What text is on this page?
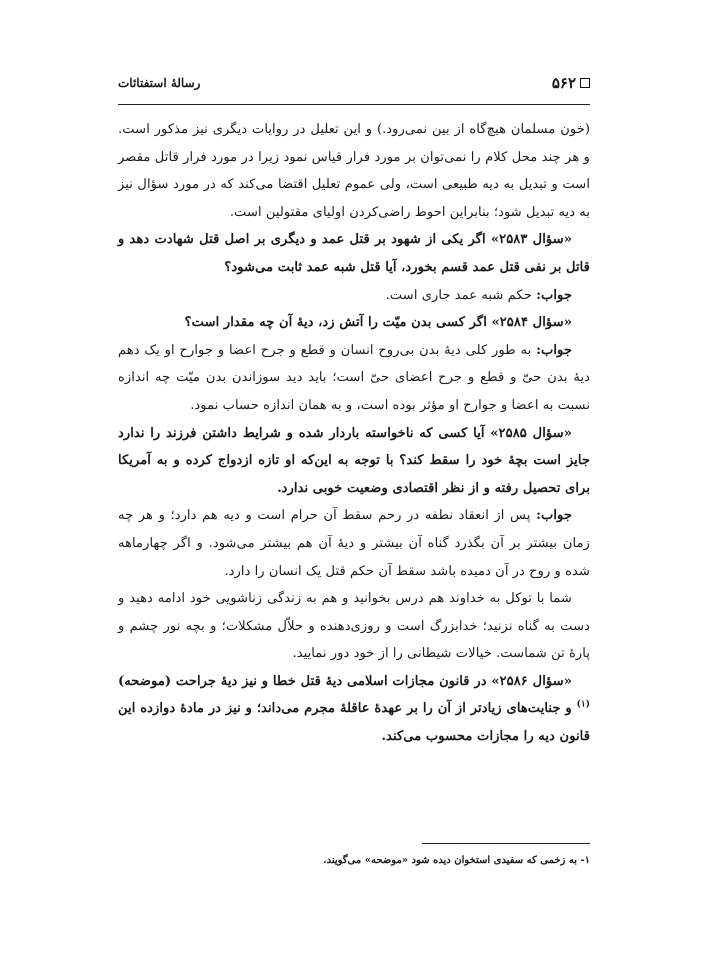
۵۶۲
رسالهٔ استفتائات

(خون مسلمان هیچ‌گاه از بین نمی‌رود.) و این تعلیل در روایات دیگری نیز مذکور است. و هر چند محل کلام را نمی‌توان بر مورد فرار قیاس نمود زیرا در مورد فرار قاتل مقصر است و تبدیل به دیه طبیعی است، ولی عموم تعلیل اقتضا می‌کند که در مورد سؤال نیز به دیه تبدیل شود؛ بنابراین احوط راضی‌کردن اولیای مقتولین است.

«سؤال ۲۵۸۳» اگر یکی از شهود بر قتل عمد و دیگری بر اصل قتل شهادت دهد و قاتل بر نفی قتل عمد قسم بخورد، آیا قتل شبه عمد ثابت می‌شود؟

جواب: حکم شبه عمد جاری است.

«سؤال ۲۵۸۴» اگر کسی بدن میّت را آتش زد، دیهٔ آن چه مقدار است؟

جواب: به طور کلی دیهٔ بدن بی‌روح انسان و قطع و جرح اعضا و جوارح او یک دهم دیهٔ بدن حیّ و قطع و جرح اعضای حیّ است؛ باید دید سوزاندن بدن میّت چه اندازه نسبت به اعضا و جوارح او مؤثر بوده است، و به همان اندازه حساب نمود.

«سؤال ۲۵۸۵» آیا کسی که ناخواسته باردار شده و شرایط داشتن فرزند را ندارد جایز است بچهٔ خود را سقط کند؟ با توجه به این‌که او تازه ازدواج کرده و به آمریکا برای تحصیل رفته و از نظر اقتصادی وضعیت خوبی ندارد.

جواب: پس از انعقاد نطفه در رحم سقط آن حرام است و دیه هم دارد؛ و هر چه زمان بیشتر بر آن بگذرد گناه آن بیشتر و دیهٔ آن هم بیشتر می‌شود. و اگر چهارماهه شده و روح در آن دمیده باشد سقط آن حکم قتل یک انسان را دارد.

شما با توکل به خداوند هم درس بخوانید و هم به زندگی زناشویی خود ادامه دهید و دست به گناه نزنید؛ خدابزرگ است و روزی‌دهنده و حلاّل مشکلات؛ و بچه نور چشم و پارهٔ تن شماست. خیالات شیطانی را از خود دور نمایید.

«سؤال ۲۵۸۶» در قانون مجازات اسلامی دیهٔ قتل خطا و نیز دیهٔ جراحت (موضحه)$^{(۱)}$ و جنایت‌های زیادتر از آن را بر عهدهٔ عاقلهٔ مجرم می‌داند؛ و نیز در مادهٔ دوازده این قانون دیه را مجازات محسوب می‌کند.

۱- به زخمی که سفیدی استخوان دیده شود «موضحه» می‌گویند.
